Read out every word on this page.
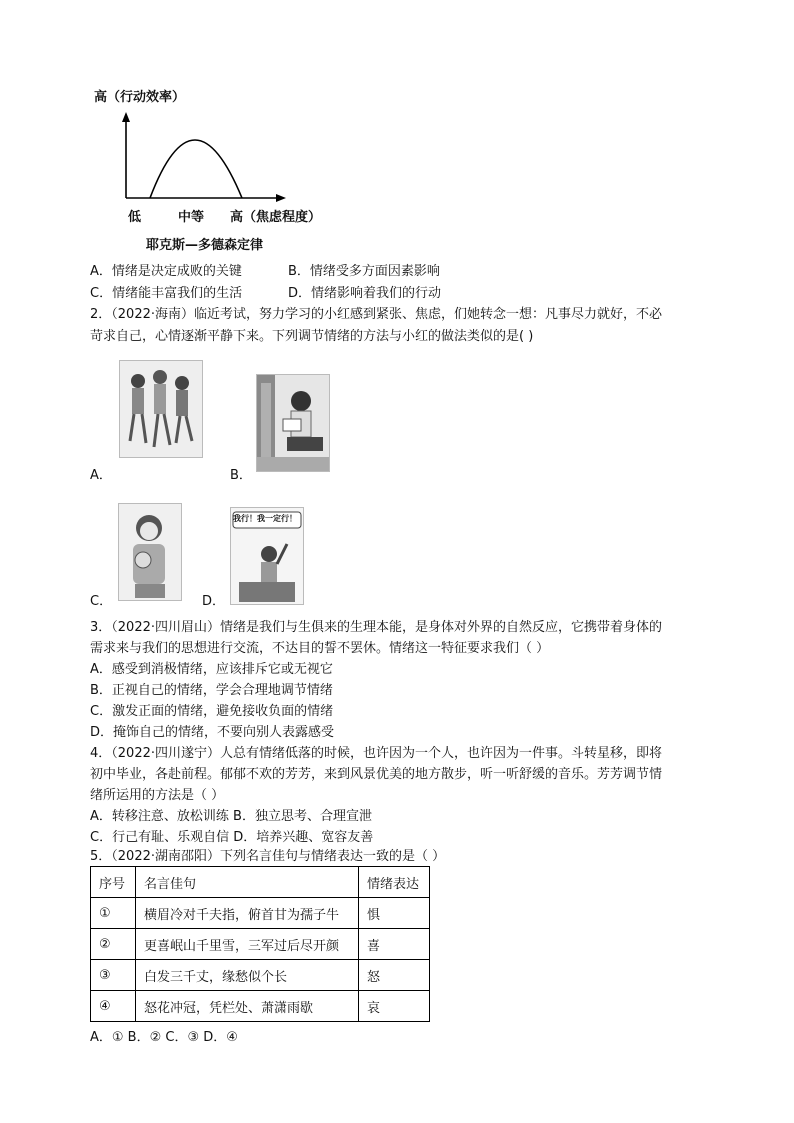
高（行动效率）
低	中等 高（焦虑程度）
耶克斯—多德森定律
A．情绪是决定成败的关键	B．情绪受多方面因素影响
C．情绪能丰富我们的生活	D．情绪影响着我们的行动
2．（2022·海南）临近考试，努力学习的小红感到紧张、焦虑，们她转念一想：凡事尽力就好，不必
苛求自己，心情逐渐平静下来。下列调节情绪的方法与小红的做法类似的是( )
A．	B．
C．
我行！我一定行！
D．
3．（2022·四川眉山）情绪是我们与生俱来的生理本能，是身体对外界的自然反应，它携带着身体的
需求来与我们的思想进行交流，不达目的誓不罢休。情绪这一特征要求我们（ ）
A．感受到消极情绪，应该排斥它或无视它
B．正视自己的情绪，学会合理地调节情绪
C．激发正面的情绪，避免接收负面的情绪
D．掩饰自己的情绪，不要向别人表露感受
4．（2022·四川遂宁）人总有情绪低落的时候，也许因为一个人，也许因为一件事。斗转星移，即将
初中毕业，各赴前程。郁郁不欢的芳芳，来到风景优美的地方散步，听一听舒缓的音乐。芳芳调节情
绪所运用的方法是（ ）
A．转移注意、放松训练 B．独立思考、合理宣泄
C．行己有耻、乐观自信 D．培养兴趣、宽容友善
5．（2022·湖南邵阳）下列名言佳句与情绪表达一致的是（ ）
序号	名言佳句	情绪表达
①	横眉冷对千夫指，俯首甘为孺子牛	惧
②	更喜岷山千里雪，三军过后尽开颜	喜
③	白发三千丈，缘愁似个长	怒
④	怒花冲冠，凭栏处、萧潇雨歇	哀
A．① B．② C．③ D．④
